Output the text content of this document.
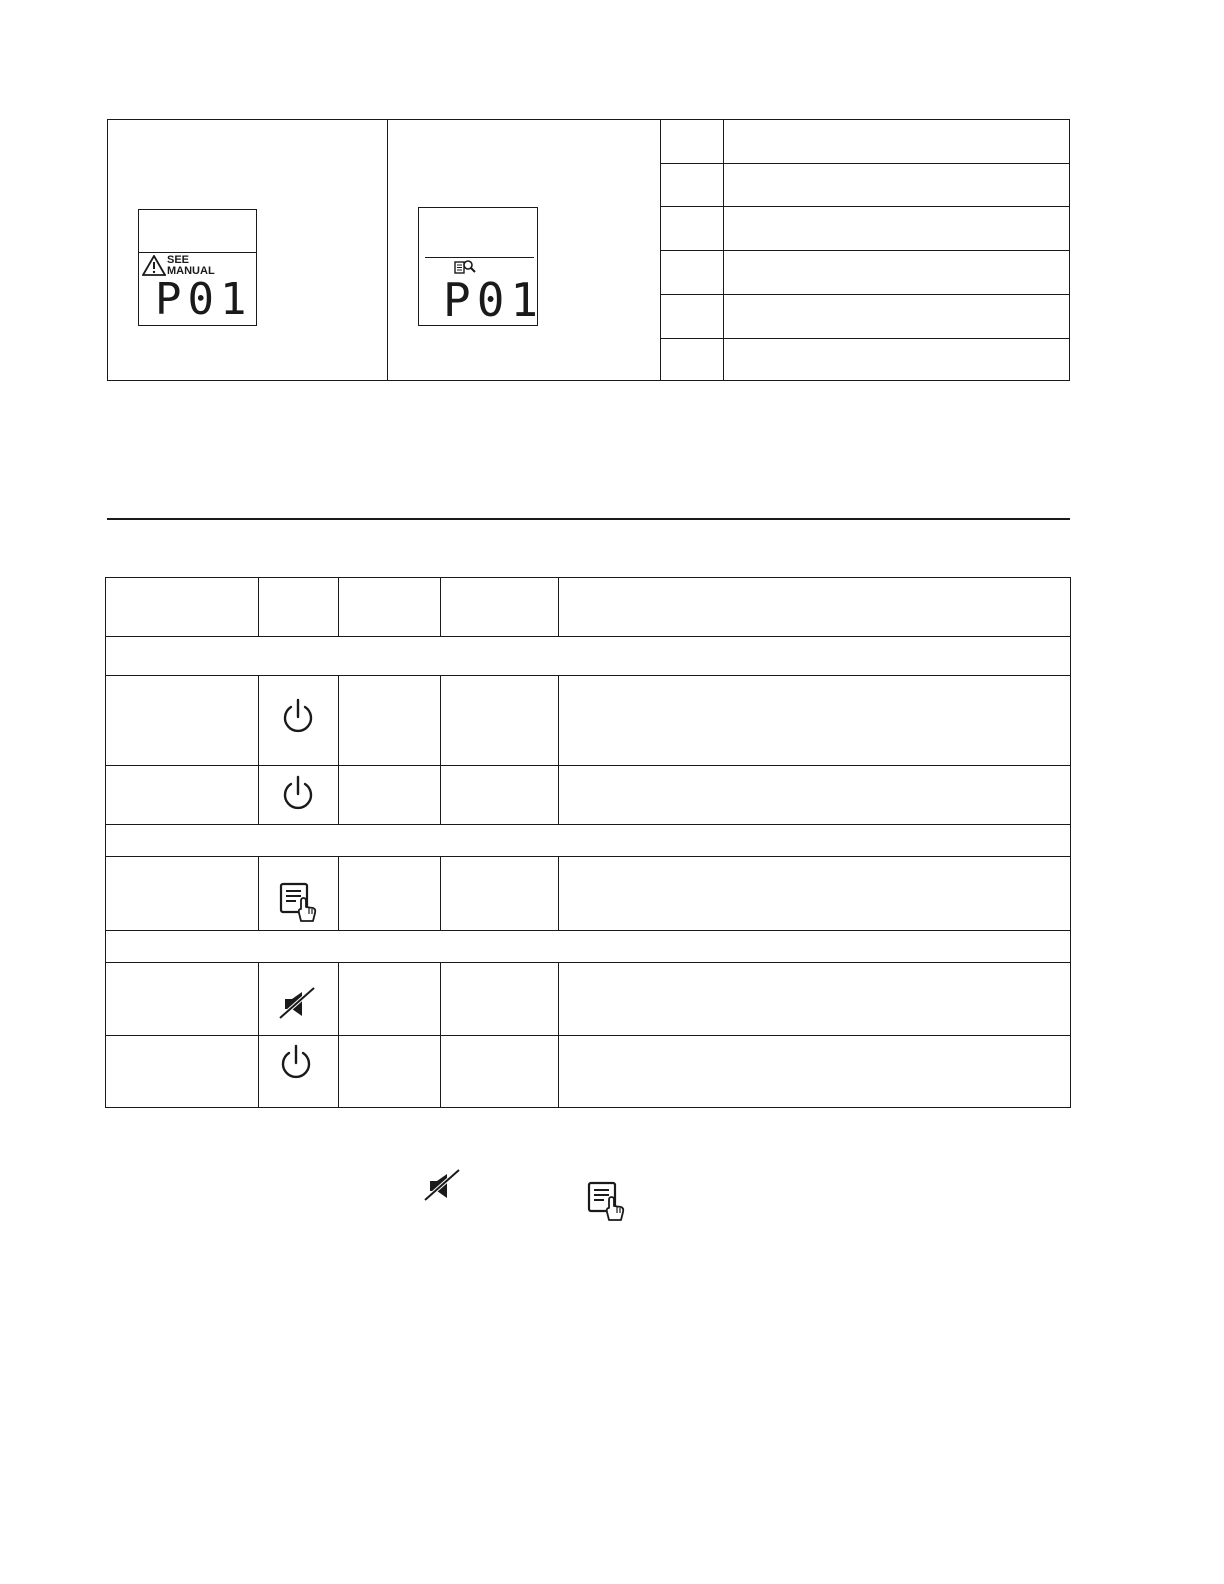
SEE
MANUAL
P01	P01
